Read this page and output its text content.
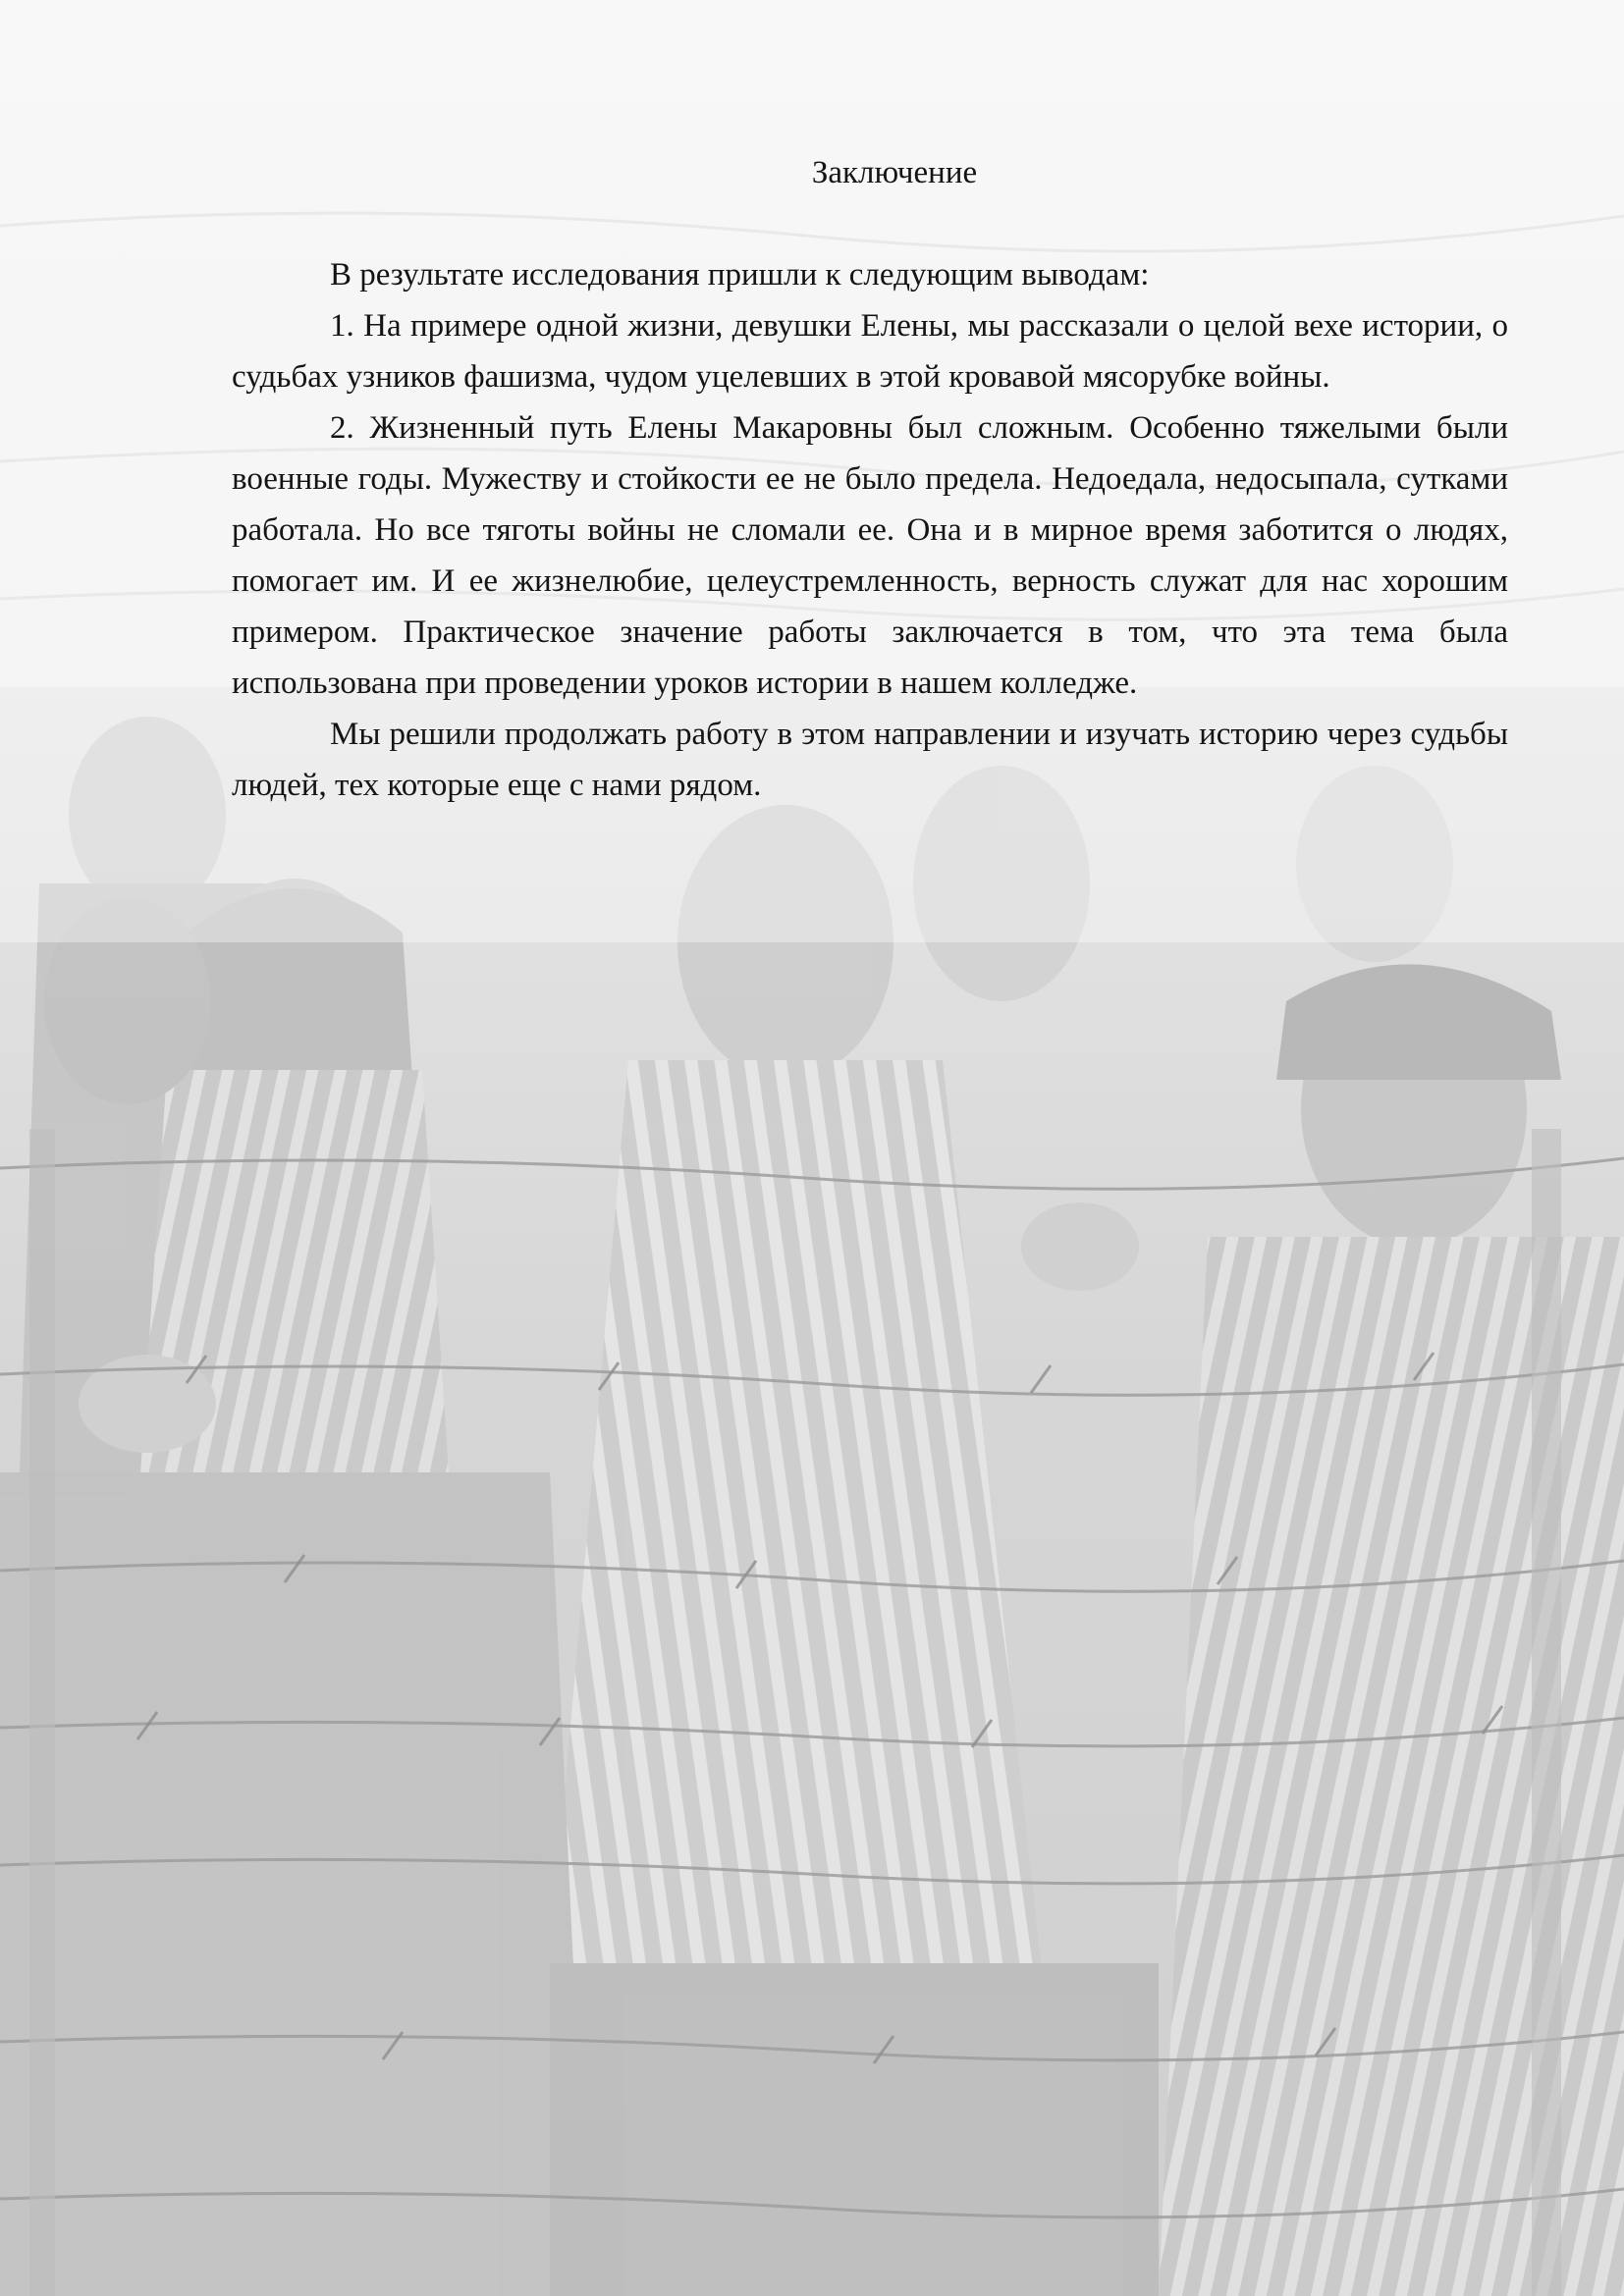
Заключение

В результате исследования пришли к следующим выводам:

1. На примере одной жизни, девушки Елены, мы рассказали о целой вехе истории, о судьбах узников фашизма, чудом уцелевших в этой кровавой мясорубке войны.

2. Жизненный путь Елены Макаровны был сложным. Особенно тяжелыми были военные годы. Мужеству и стойкости ее не было предела. Недоедала, недосыпала, сутками работала. Но все тяготы войны не сломали ее. Она и в мирное время заботится о людях, помогает им. И ее жизнелюбие, целеустремленность, верность служат для нас хорошим примером. Практическое значение работы заключается в том, что эта тема была использована при проведении уроков истории в нашем колледже.

Мы решили продолжать работу в этом направлении и изучать историю через судьбы людей, тех которые еще с нами рядом.
